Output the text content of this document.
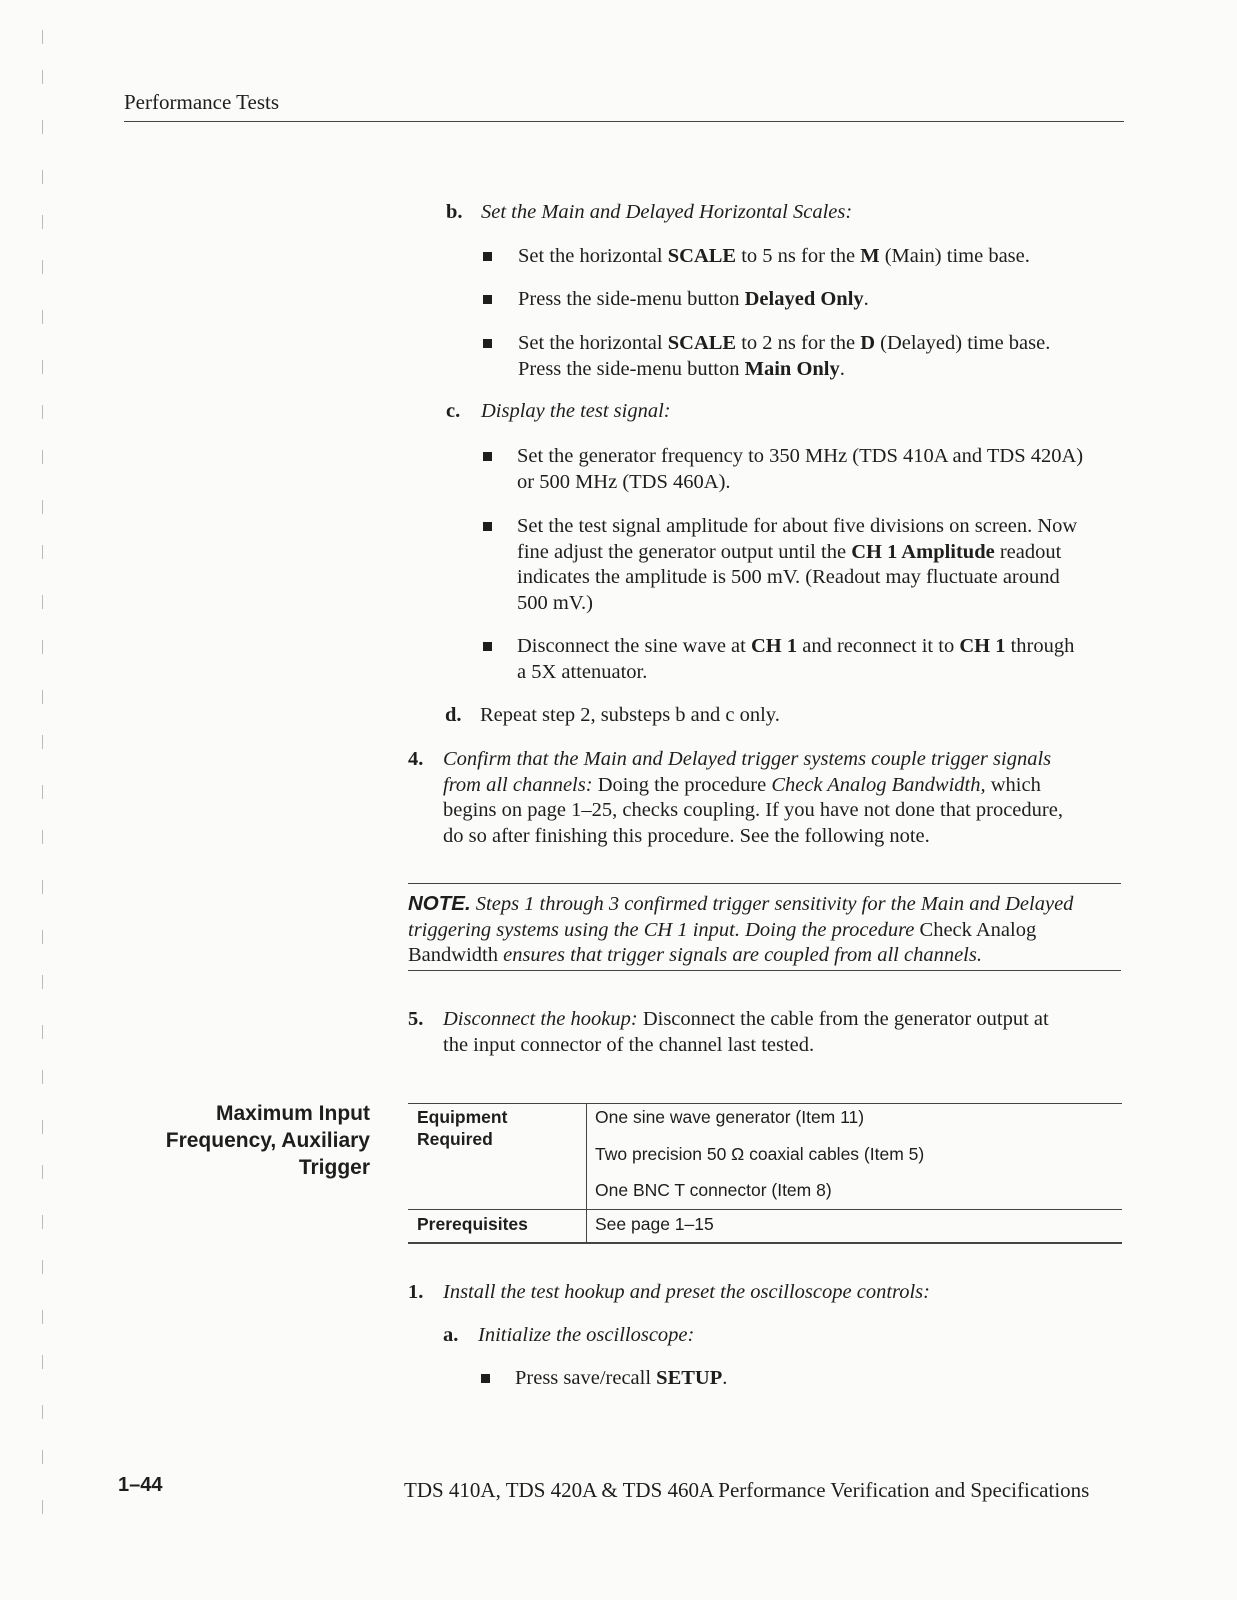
Performance Tests
b. Set the Main and Delayed Horizontal Scales:
Set the horizontal SCALE to 5 ns for the M (Main) time base.
Press the side-menu button Delayed Only.
Set the horizontal SCALE to 2 ns for the D (Delayed) time base.
Press the side-menu button Main Only.
c. Display the test signal:
Set the generator frequency to 350 MHz (TDS 410A and TDS 420A)
or 500 MHz (TDS 460A).
Set the test signal amplitude for about five divisions on screen. Now
fine adjust the generator output until the CH 1 Amplitude readout
indicates the amplitude is 500 mV. (Readout may fluctuate around
500 mV.)
Disconnect the sine wave at CH 1 and reconnect it to CH 1 through
a 5X attenuator.
d. Repeat step 2, substeps b and c only.
4. Confirm that the Main and Delayed trigger systems couple trigger signals
from all channels: Doing the procedure Check Analog Bandwidth, which
begins on page 1–25, checks coupling. If you have not done that procedure,
do so after finishing this procedure. See the following note.
NOTE. Steps 1 through 3 confirmed trigger sensitivity for the Main and Delayed
triggering systems using the CH 1 input. Doing the procedure Check Analog
Bandwidth ensures that trigger signals are coupled from all channels.
5. Disconnect the hookup: Disconnect the cable from the generator output at
the input connector of the channel last tested.
Maximum Input
Frequency, Auxiliary
Trigger
Equipment
Required
One sine wave generator (Item 11)
Two precision 50 Ω coaxial cables (Item 5)
One BNC T connector (Item 8)
Prerequisites	See page 1–15
1. Install the test hookup and preset the oscilloscope controls:
a. Initialize the oscilloscope:
Press save/recall SETUP.
1–44	TDS 410A, TDS 420A & TDS 460A Performance Verification and Specifications
